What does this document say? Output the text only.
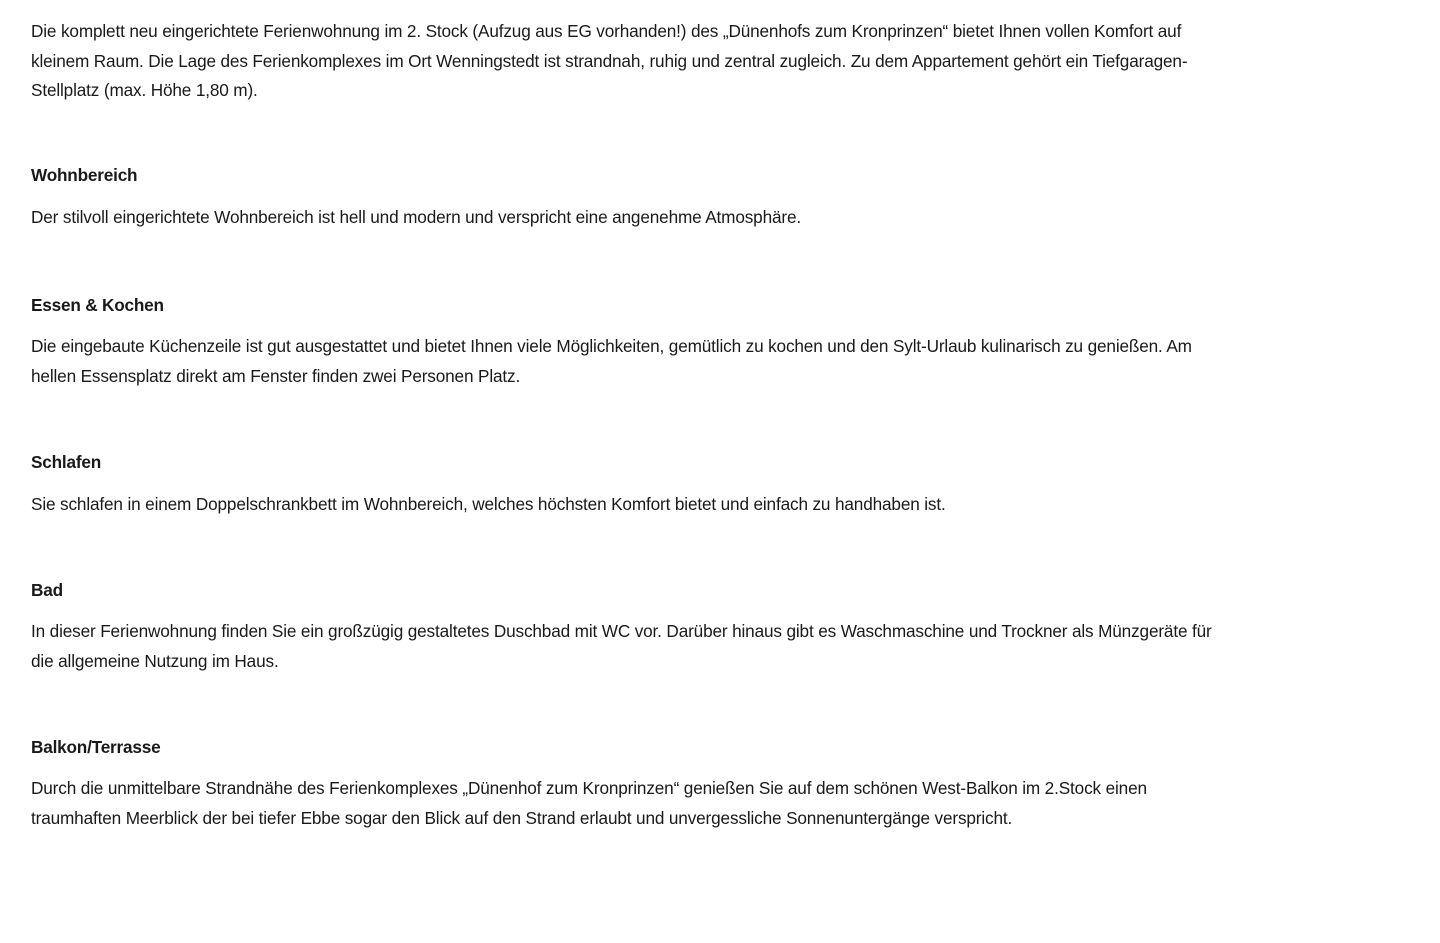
Die komplett neu eingerichtete Ferienwohnung im 2. Stock (Aufzug aus EG vorhanden!) des „Dünenhofs zum Kronprinzen“ bietet Ihnen vollen Komfort auf
kleinem Raum. Die Lage des Ferienkomplexes im Ort Wenningstedt ist strandnah, ruhig und zentral zugleich. Zu dem Appartement gehört ein Tiefgaragen-
Stellplatz (max. Höhe 1,80 m).
Wohnbereich
Der stilvoll eingerichtete Wohnbereich ist hell und modern und verspricht eine angenehme Atmosphäre.
Essen & Kochen
Die eingebaute Küchenzeile ist gut ausgestattet und bietet Ihnen viele Möglichkeiten, gemütlich zu kochen und den Sylt-Urlaub kulinarisch zu genießen. Am
hellen Essensplatz direkt am Fenster finden zwei Personen Platz.
Schlafen
Sie schlafen in einem Doppelschrankbett im Wohnbereich, welches höchsten Komfort bietet und einfach zu handhaben ist.
Bad
In dieser Ferienwohnung finden Sie ein großzügig gestaltetes Duschbad mit WC vor. Darüber hinaus gibt es Waschmaschine und Trockner als Münzgeräte für
die allgemeine Nutzung im Haus.
Balkon/Terrasse
Durch die unmittelbare Strandnähe des Ferienkomplexes „Dünenhof zum Kronprinzen“ genießen Sie auf dem schönen West-Balkon im 2.Stock einen
traumhaften Meerblick der bei tiefer Ebbe sogar den Blick auf den Strand erlaubt und unvergessliche Sonnenuntergänge verspricht.
